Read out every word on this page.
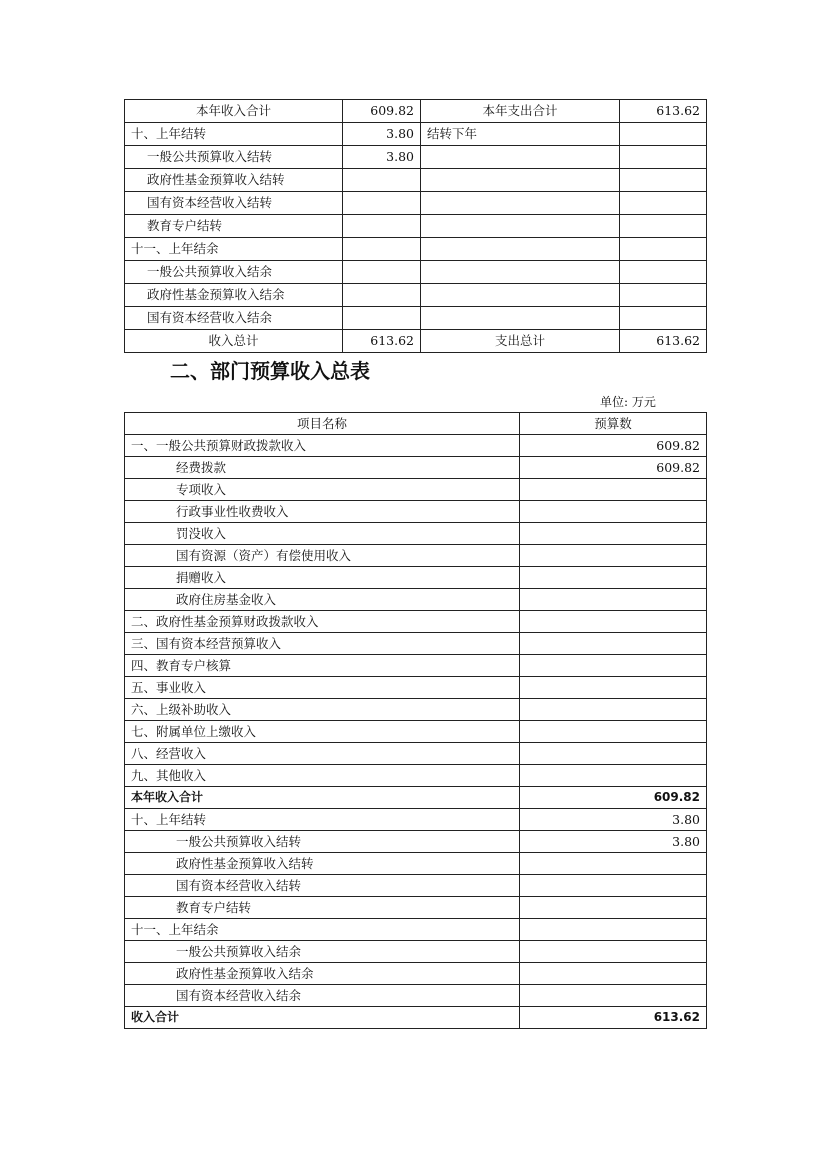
本年收入合计	609.82	本年支出合计	613.62
十、上年结转	3.80	结转下年	
一般公共预算收入结转	3.80		
政府性基金预算收入结转			
国有资本经营收入结转			
教育专户结转			
十一、上年结余			
一般公共预算收入结余			
政府性基金预算收入结余			
国有资本经营收入结余			
收入总计	613.62	支出总计	613.62
二、部门预算收入总表
单位: 万元
项目名称	预算数
一、一般公共预算财政拨款收入	609.82
经费拨款	609.82
专项收入	
行政事业性收费收入	
罚没收入	
国有资源（资产）有偿使用收入	
捐赠收入	
政府住房基金收入	
二、政府性基金预算财政拨款收入	
三、国有资本经营预算收入	
四、教育专户核算	
五、事业收入	
六、上级补助收入	
七、附属单位上缴收入	
八、经营收入	
九、其他收入	
本年收入合计	609.82
十、上年结转	3.80
一般公共预算收入结转	3.80
政府性基金预算收入结转	
国有资本经营收入结转	
教育专户结转	
十一、上年结余	
一般公共预算收入结余	
政府性基金预算收入结余	
国有资本经营收入结余	
收入合计	613.62
